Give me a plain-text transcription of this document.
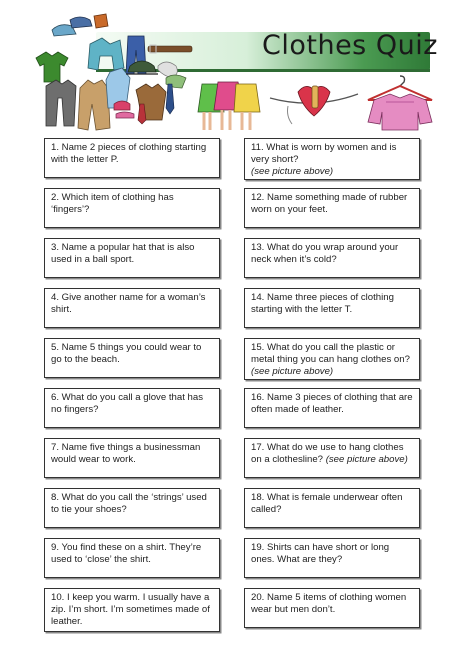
Clothes Quiz
1. Name 2 pieces of clothing starting with the letter P.
11. What is worn by women and is very short?
(see picture above)
2. Which item of clothing has ‘fingers’?
12. Name something made of rubber worn on your feet.
3. Name a popular hat that is also used in a ball sport.
13. What do you wrap around your neck when it’s cold?
4. Give another name for a woman’s shirt.
14. Name three pieces of clothing starting with the letter T.
5. Name 5 things you could wear to go to the beach.
15. What do you call the plastic or metal thing you can hang clothes on?
(see picture above)
6. What do you call a glove that has no fingers?
16. Name 3 pieces of clothing that are often made of leather.
7. Name five things a businessman would wear to work.
17. What do we use to hang clothes on a clothesline? (see picture above)
8. What do you call the ‘strings’ used to tie your shoes?
18. What is female underwear often called?
9. You find these on a shirt. They’re used to ‘close’ the shirt.
19. Shirts can have short or long ones. What are they?
10. I keep you warm. I usually have a zip. I’m short. I’m sometimes made of leather.
20. Name 5 items of clothing women wear but men don’t.
